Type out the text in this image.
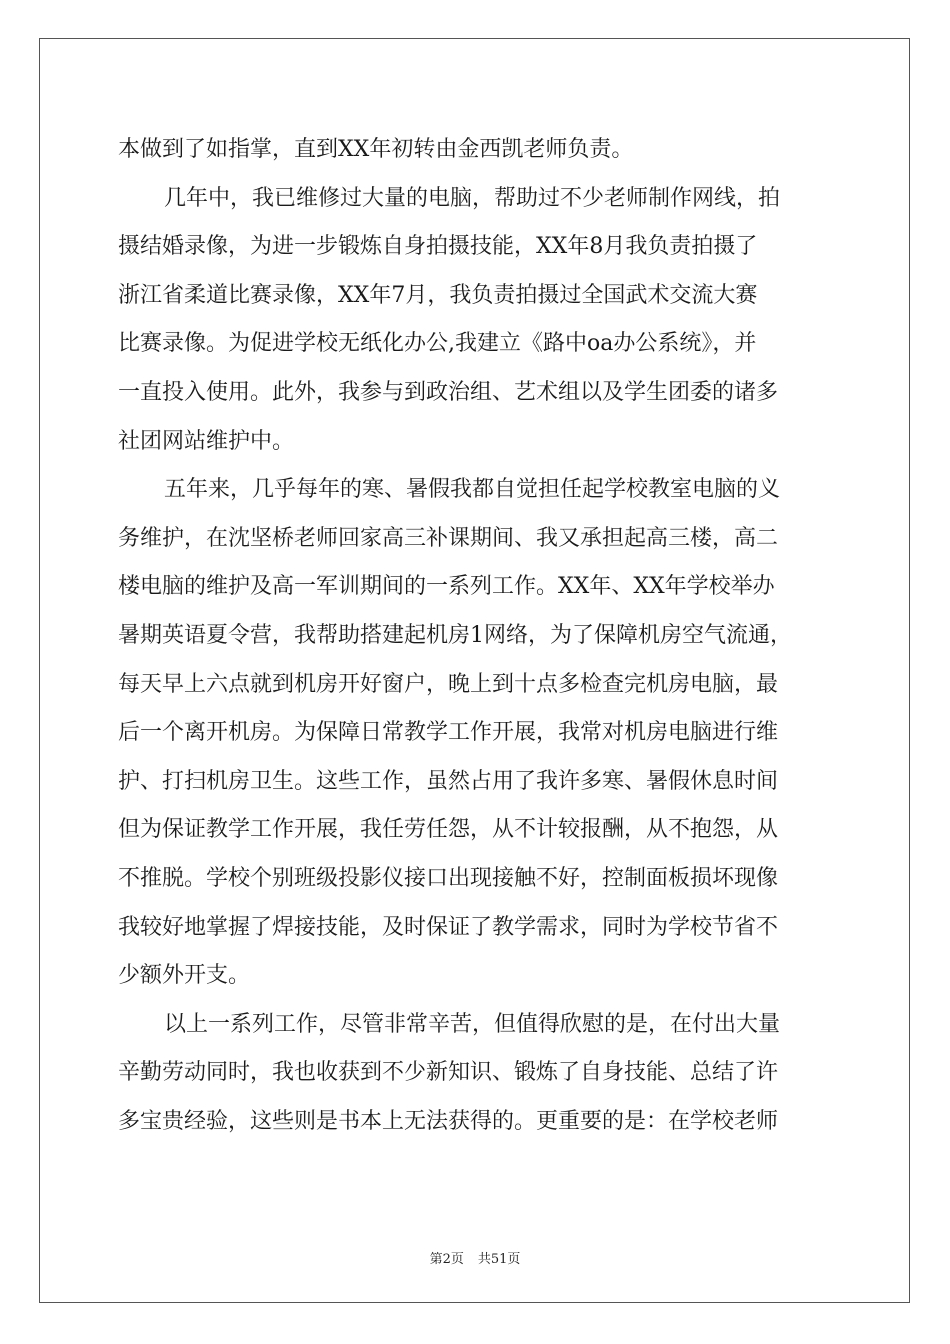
本做到了如指掌，直到XX年初转由金西凯老师负责。
几年中，我已维修过大量的电脑，帮助过不少老师制作网线，拍
摄结婚录像，为进一步锻炼自身拍摄技能，XX年8月我负责拍摄了
浙江省柔道比赛录像，XX年7月，我负责拍摄过全国武术交流大赛
比赛录像。为促进学校无纸化办公,我建立《路中oa办公系统》，并
一直投入使用。此外，我参与到政治组、艺术组以及学生团委的诸多
社团网站维护中。
五年来，几乎每年的寒、暑假我都自觉担任起学校教室电脑的义
务维护，在沈坚桥老师回家高三补课期间、我又承担起高三楼，高二
楼电脑的维护及高一军训期间的一系列工作。XX年、XX年学校举办
暑期英语夏令营，我帮助搭建起机房1网络，为了保障机房空气流通，
每天早上六点就到机房开好窗户，晚上到十点多检查完机房电脑，最
后一个离开机房。为保障日常教学工作开展，我常对机房电脑进行维
护、打扫机房卫生。这些工作，虽然占用了我许多寒、暑假休息时间
但为保证教学工作开展，我任劳任怨，从不计较报酬，从不抱怨，从
不推脱。学校个别班级投影仪接口出现接触不好，控制面板损坏现像
我较好地掌握了焊接技能，及时保证了教学需求，同时为学校节省不
少额外开支。
以上一系列工作，尽管非常辛苦，但值得欣慰的是，在付出大量
辛勤劳动同时，我也收获到不少新知识、锻炼了自身技能、总结了许
多宝贵经验，这些则是书本上无法获得的。更重要的是：在学校老师
第2页 共51页
